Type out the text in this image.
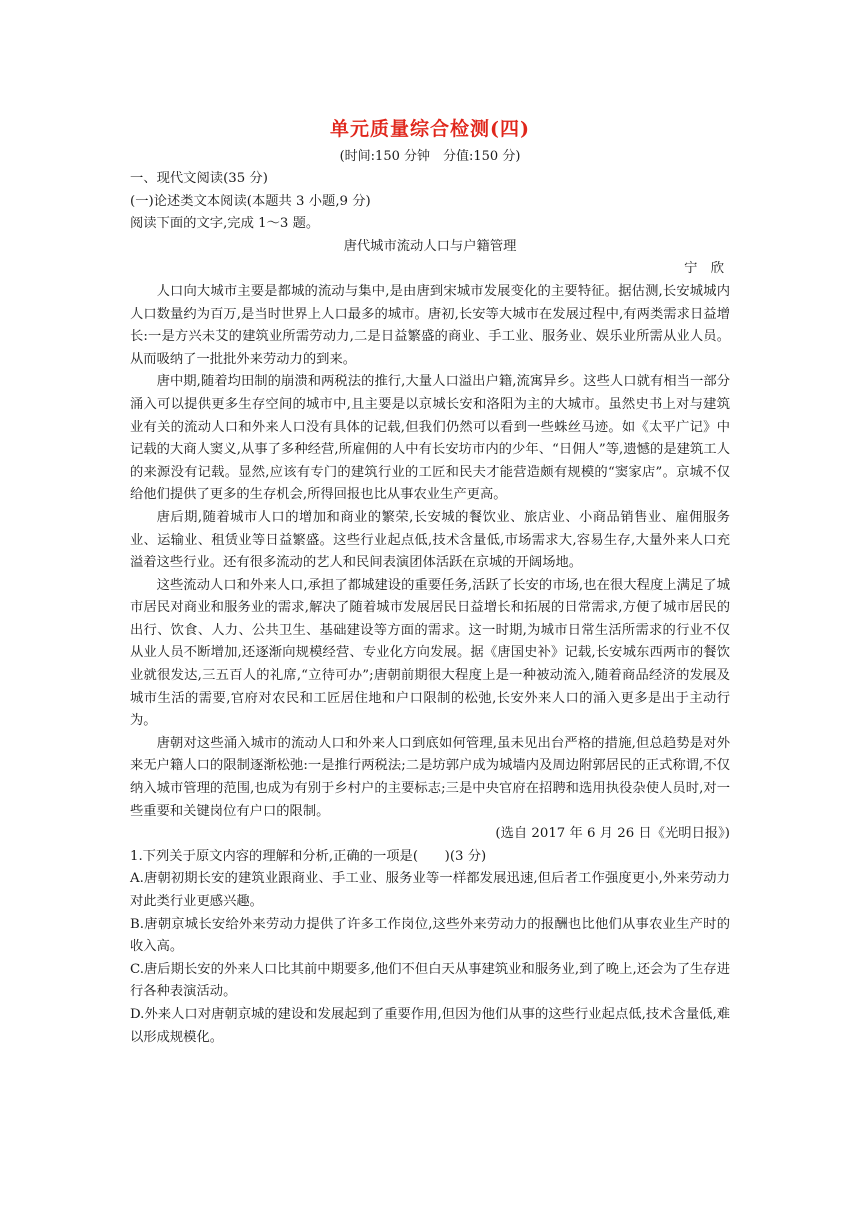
单元质量综合检测(四)
(时间:150 分钟　分值:150 分)
一、现代文阅读(35 分)
(一)论述类文本阅读(本题共 3 小题,9 分)
阅读下面的文字,完成 1～3 题。
唐代城市流动人口与户籍管理
宁　欣

人口向大城市主要是都城的流动与集中,是由唐到宋城市发展变化的主要特征。据估测,长安城城内人口数量约为百万,是当时世界上人口最多的城市。唐初,长安等大城市在发展过程中,有两类需求日益增长:一是方兴未艾的建筑业所需劳动力,二是日益繁盛的商业、手工业、服务业、娱乐业所需从业人员。从而吸纳了一批批外来劳动力的到来。

唐中期,随着均田制的崩溃和两税法的推行,大量人口溢出户籍,流寓异乡。这些人口就有相当一部分涌入可以提供更多生存空间的城市中,且主要是以京城长安和洛阳为主的大城市。虽然史书上对与建筑业有关的流动人口和外来人口没有具体的记载,但我们仍然可以看到一些蛛丝马迹。如《太平广记》中记载的大商人窦义,从事了多种经营,所雇佣的人中有长安坊市内的少年、“日佣人”等,遗憾的是建筑工人的来源没有记载。显然,应该有专门的建筑行业的工匠和民夫才能营造颇有规模的“窦家店”。京城不仅给他们提供了更多的生存机会,所得回报也比从事农业生产更高。

唐后期,随着城市人口的增加和商业的繁荣,长安城的餐饮业、旅店业、小商品销售业、雇佣服务业、运输业、租赁业等日益繁盛。这些行业起点低,技术含量低,市场需求大,容易生存,大量外来人口充溢着这些行业。还有很多流动的艺人和民间表演团体活跃在京城的开阔场地。

这些流动人口和外来人口,承担了都城建设的重要任务,活跃了长安的市场,也在很大程度上满足了城市居民对商业和服务业的需求,解决了随着城市发展居民日益增长和拓展的日常需求,方便了城市居民的出行、饮食、人力、公共卫生、基础建设等方面的需求。这一时期,为城市日常生活所需求的行业不仅从业人员不断增加,还逐渐向规模经营、专业化方向发展。据《唐国史补》记载,长安城东西两市的餐饮业就很发达,三五百人的礼席,“立待可办”;唐朝前期很大程度上是一种被动流入,随着商品经济的发展及城市生活的需要,官府对农民和工匠居住地和户口限制的松弛,长安外来人口的涌入更多是出于主动行为。

唐朝对这些涌入城市的流动人口和外来人口到底如何管理,虽未见出台严格的措施,但总趋势是对外来无户籍人口的限制逐渐松弛:一是推行两税法;二是坊郭户成为城墙内及周边附郭居民的正式称谓,不仅纳入城市管理的范围,也成为有别于乡村户的主要标志;三是中央官府在招聘和选用执役杂使人员时,对一些重要和关键岗位有户口的限制。

(选自 2017 年 6 月 26 日《光明日报》)
1.下列关于原文内容的理解和分析,正确的一项是(　　)(3 分)
A.唐朝初期长安的建筑业跟商业、手工业、服务业等一样都发展迅速,但后者工作强度更小,外来劳动力对此类行业更感兴趣。
B.唐朝京城长安给外来劳动力提供了许多工作岗位,这些外来劳动力的报酬也比他们从事农业生产时的收入高。
C.唐后期长安的外来人口比其前中期要多,他们不但白天从事建筑业和服务业,到了晚上,还会为了生存进行各种表演活动。
D.外来人口对唐朝京城的建设和发展起到了重要作用,但因为他们从事的这些行业起点低,技术含量低,难以形成规模化。
